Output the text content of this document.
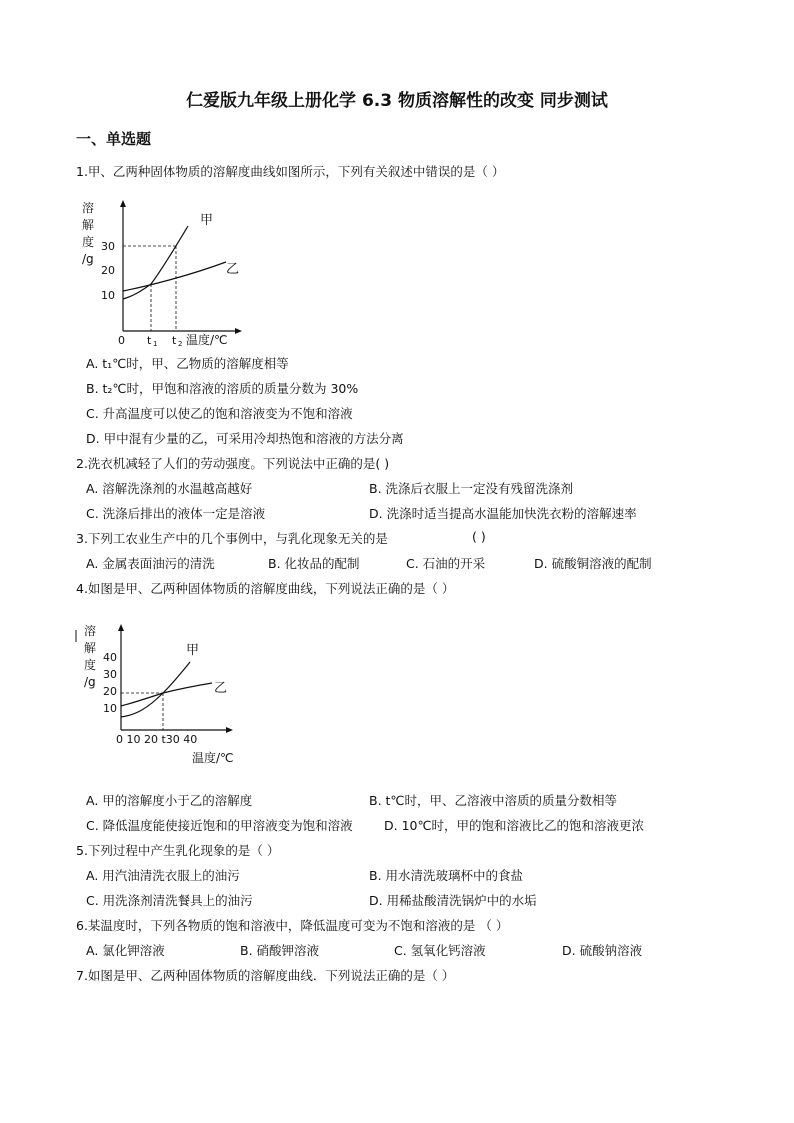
仁爱版九年级上册化学 6.3 物质溶解性的改变 同步测试
一、单选题
1.甲、乙两种固体物质的溶解度曲线如图所示，下列有关叙述中错误的是（ ）
溶
解
度
/g
30
20
10
甲
乙
0 t 1 t 2 温度/℃
A. t₁℃时，甲、乙物质的溶解度相等
B. t₂℃时，甲饱和溶液的溶质的质量分数为 30%
C. 升高温度可以使乙的饱和溶液变为不饱和溶液
D. 甲中混有少量的乙，可采用冷却热饱和溶液的方法分离
2.洗衣机减轻了人们的劳动强度。下列说法中正确的是( )
A. 溶解洗涤剂的水温越高越好	B. 洗涤后衣服上一定没有残留洗涤剂
C. 洗涤后排出的液体一定是溶液	D. 洗涤时适当提高水温能加快洗衣粉的溶解速率
3.下列工农业生产中的几个事例中，与乳化现象无关的是	( )
A. 金属表面油污的清洗	B. 化妆品的配制	C. 石油的开采	D. 硫酸铜溶液的配制
4.如图是甲、乙两种固体物质的溶解度曲线，下列说法正确的是（ ）
溶
解
度
/g
40
30
20
10
甲
乙
0 10 20 t30 40
温度/℃
A. 甲的溶解度小于乙的溶解度	B. t℃时，甲、乙溶液中溶质的质量分数相等
C. 降低温度能使接近饱和的甲溶液变为饱和溶液	D. 10℃时，甲的饱和溶液比乙的饱和溶液更浓
5.下列过程中产生乳化现象的是（ ）
A. 用汽油清洗衣服上的油污	B. 用水清洗玻璃杯中的食盐
C. 用洗涤剂清洗餐具上的油污	D. 用稀盐酸清洗锅炉中的水垢
6.某温度时，下列各物质的饱和溶液中，降低温度可变为不饱和溶液的是 （ ）
A. 氯化钾溶液	B. 硝酸钾溶液	C. 氢氧化钙溶液	D. 硫酸钠溶液
7.如图是甲、乙两种固体物质的溶解度曲线．下列说法正确的是（ ）
